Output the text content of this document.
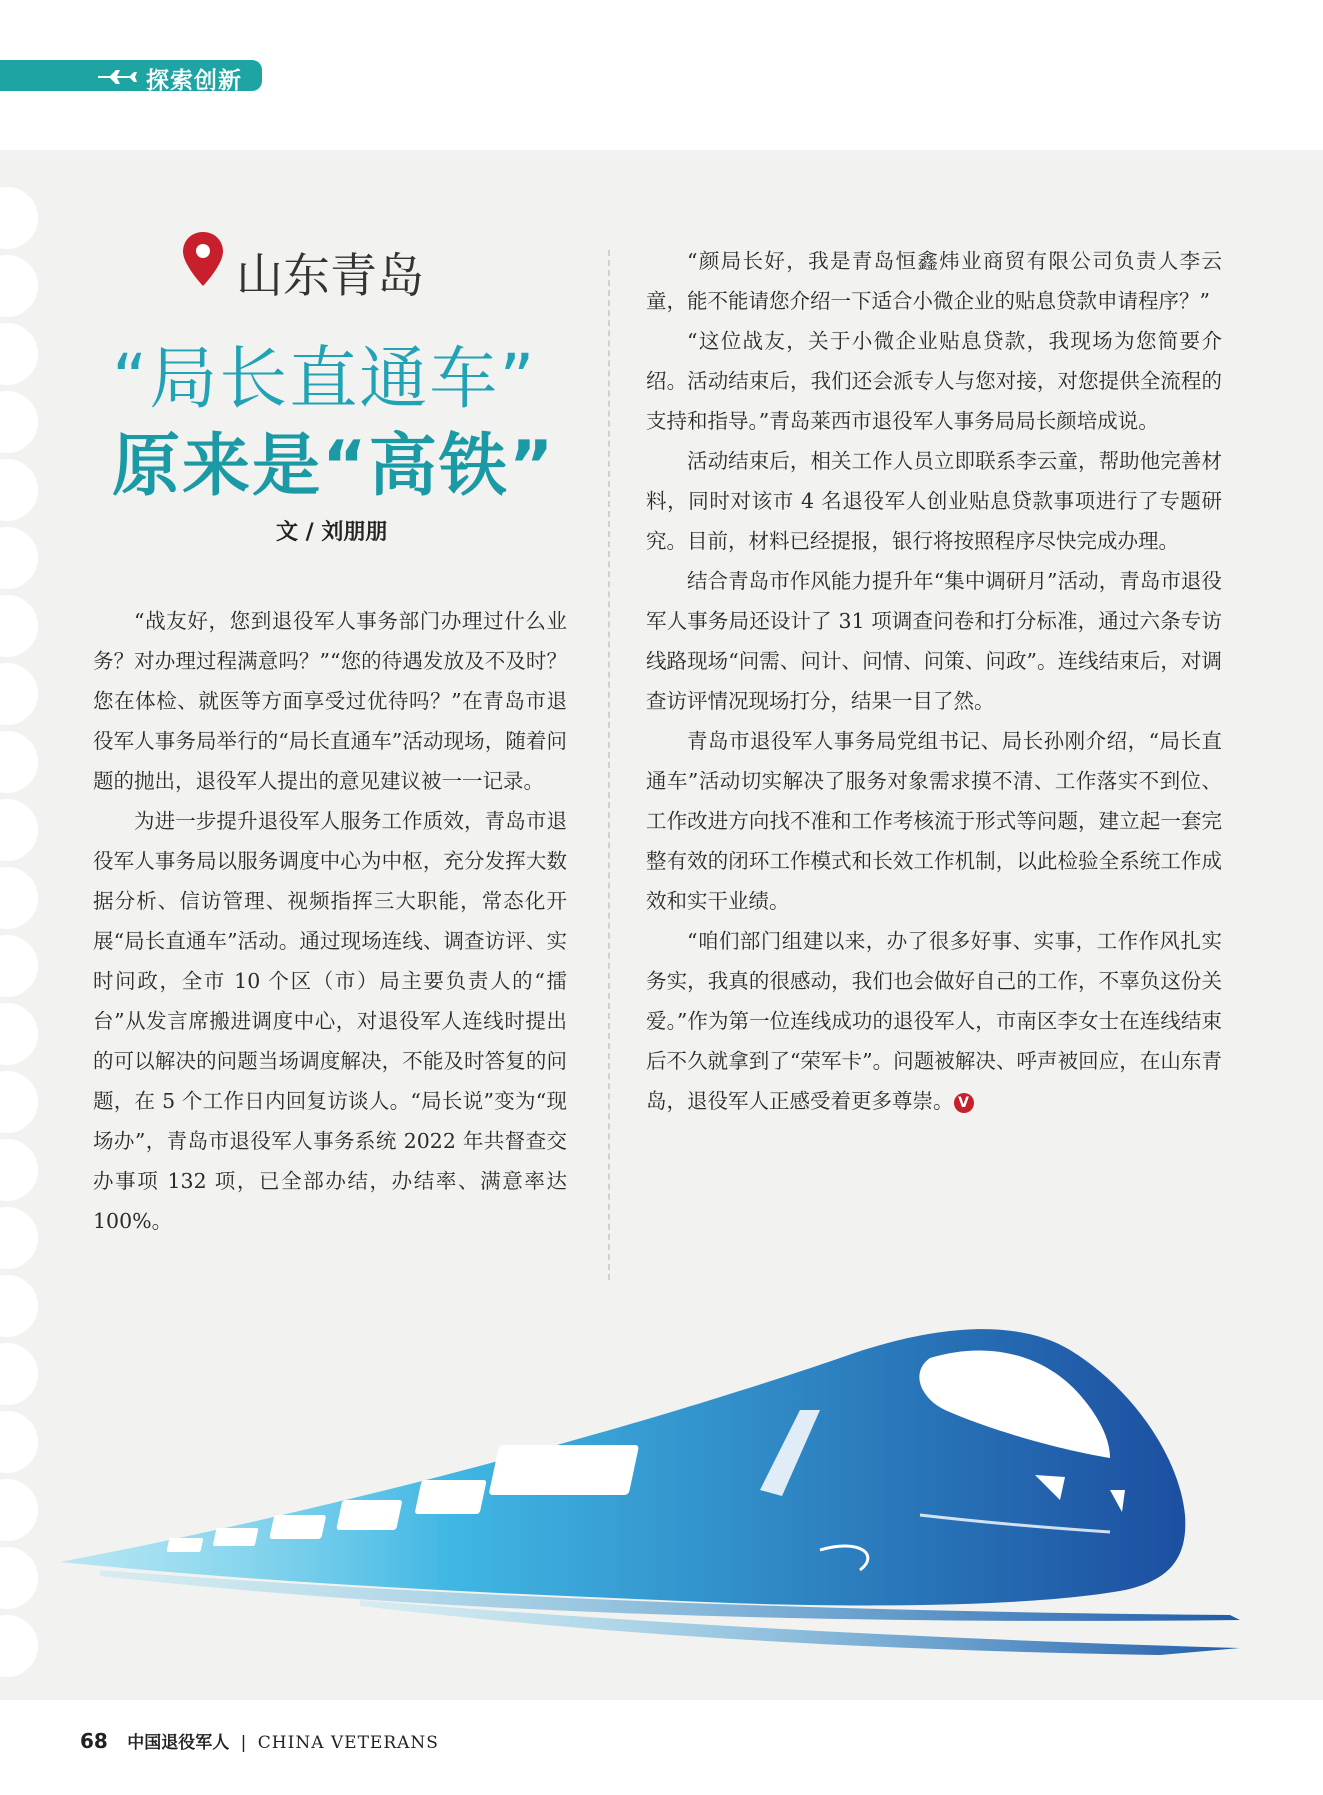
探索创新
山东青岛
“局长直通车”
原来是“高铁”
文 / 刘朋朋

“战友好，您到退役军人事务部门办理过什么业务？对办理过程满意吗？”“您的待遇发放及不及时？您在体检、就医等方面享受过优待吗？”在青岛市退役军人事务局举行的“局长直通车”活动现场，随着问题的抛出，退役军人提出的意见建议被一一记录。

为进一步提升退役军人服务工作质效，青岛市退役军人事务局以服务调度中心为中枢，充分发挥大数据分析、信访管理、视频指挥三大职能，常态化开展“局长直通车”活动。通过现场连线、调查访评、实时问政，全市 10 个区（市）局主要负责人的“擂台”从发言席搬进调度中心，对退役军人连线时提出的可以解决的问题当场调度解决，不能及时答复的问题，在 5 个工作日内回复访谈人。“局长说”变为“现场办”，青岛市退役军人事务系统 2022 年共督查交办事项 132 项，已全部办结，办结率、满意率达 100%。

“颜局长好，我是青岛恒鑫炜业商贸有限公司负责人李云童，能不能请您介绍一下适合小微企业的贴息贷款申请程序？”

“这位战友，关于小微企业贴息贷款，我现场为您简要介绍。活动结束后，我们还会派专人与您对接，对您提供全流程的支持和指导。”青岛莱西市退役军人事务局局长颜培成说。

活动结束后，相关工作人员立即联系李云童，帮助他完善材料，同时对该市 4 名退役军人创业贴息贷款事项进行了专题研究。目前，材料已经提报，银行将按照程序尽快完成办理。

结合青岛市作风能力提升年“集中调研月”活动，青岛市退役军人事务局还设计了 31 项调查问卷和打分标准，通过六条专访线路现场“问需、问计、问情、问策、问政”。连线结束后，对调查访评情况现场打分，结果一目了然。

青岛市退役军人事务局党组书记、局长孙刚介绍，“局长直通车”活动切实解决了服务对象需求摸不清、工作落实不到位、工作改进方向找不准和工作考核流于形式等问题，建立起一套完整有效的闭环工作模式和长效工作机制，以此检验全系统工作成效和实干业绩。

“咱们部门组建以来，办了很多好事、实事，工作作风扎实务实，我真的很感动，我们也会做好自己的工作，不辜负这份关爱。”作为第一位连线成功的退役军人，市南区李女士在连线结束后不久就拿到了“荣军卡”。问题被解决、呼声被回应，在山东青岛，退役军人正感受着更多尊崇。 V

68 中国退役军人 | CHINA VETERANS
